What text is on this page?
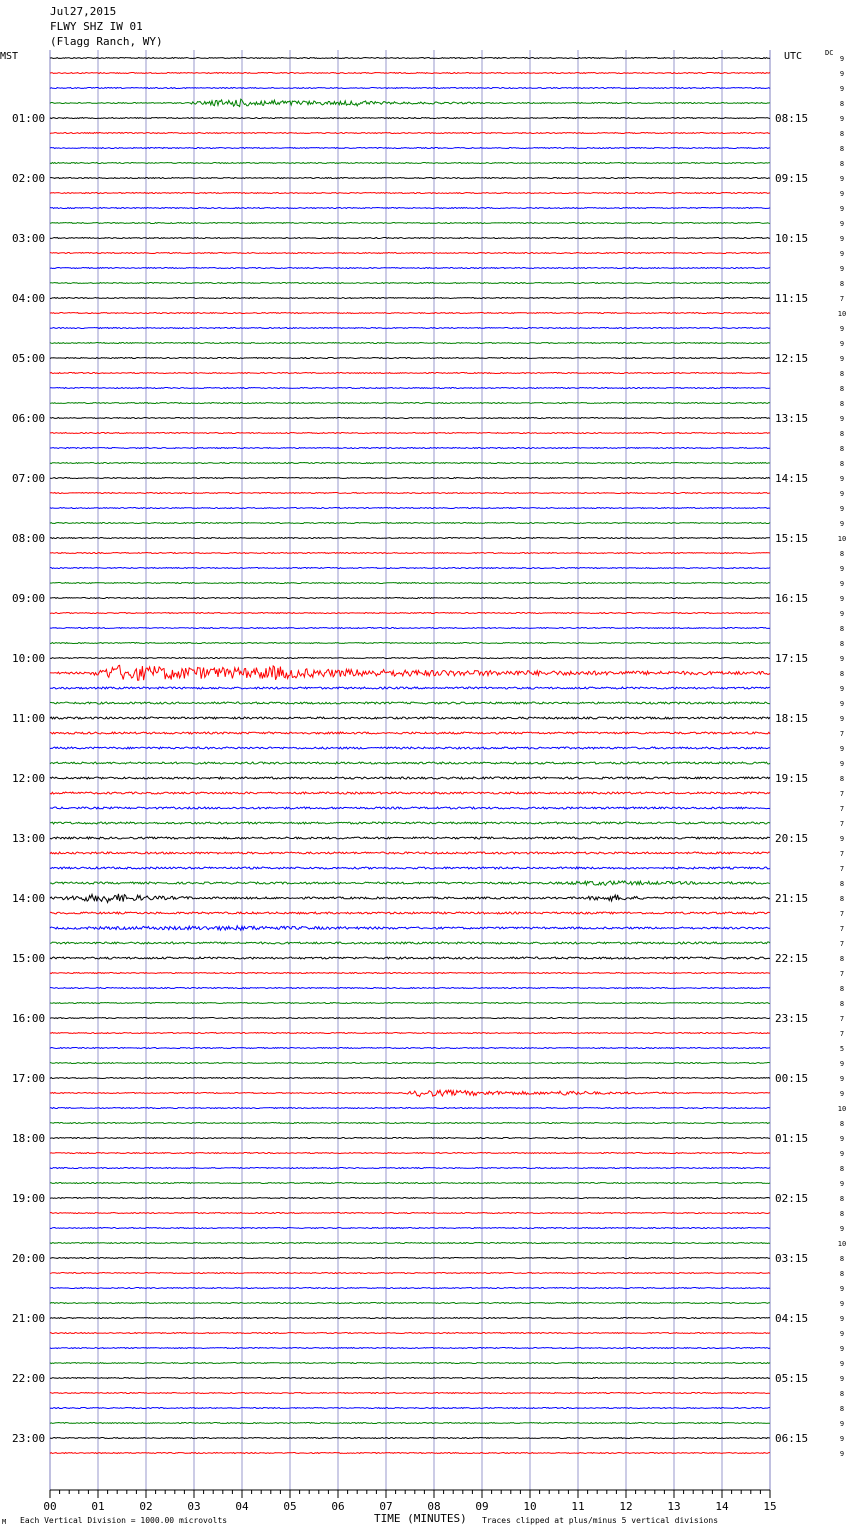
Jul27,2015
FLWY SHZ IW 01
(Flagg Ranch, WY)
MST	UTC	DC
00	01	02	03	04	05	06	07	08	09	10	11	12	13	14	15
9
9
9
8
9
8
8
8
9
9
9
9
9
9
9
8
7
10
9
9
9
8
8
8
9
8
8
8
9
9
9
9
10
8
9
9
9
9
8
8
9
8
9
9
9
7
9
9
8
7
7
7
9
7
7
8
8
7
7
7
8
7
8
8
7
7
5
9
9
9
10
8
9
9
8
9
8
8
9
10
8
8
9
9
9
9
9
9
9
8
8
9
9
9
01:00	08:15
02:00	09:15
03:00	10:15
04:00	11:15
05:00	12:15
06:00	13:15
07:00	14:15
08:00	15:15
09:00	16:15
10:00	17:15
11:00	18:15
12:00	19:15
13:00	20:15
14:00	21:15
15:00	22:15
16:00	23:15
17:00	00:15
18:00	01:15
19:00	02:15
20:00	03:15
21:00	04:15
22:00	05:15
23:00	06:15
M Each Vertical Division = 1000.00 microvolts	TIME (MINUTES) Traces clipped at plus/minus 5 vertical divisions
